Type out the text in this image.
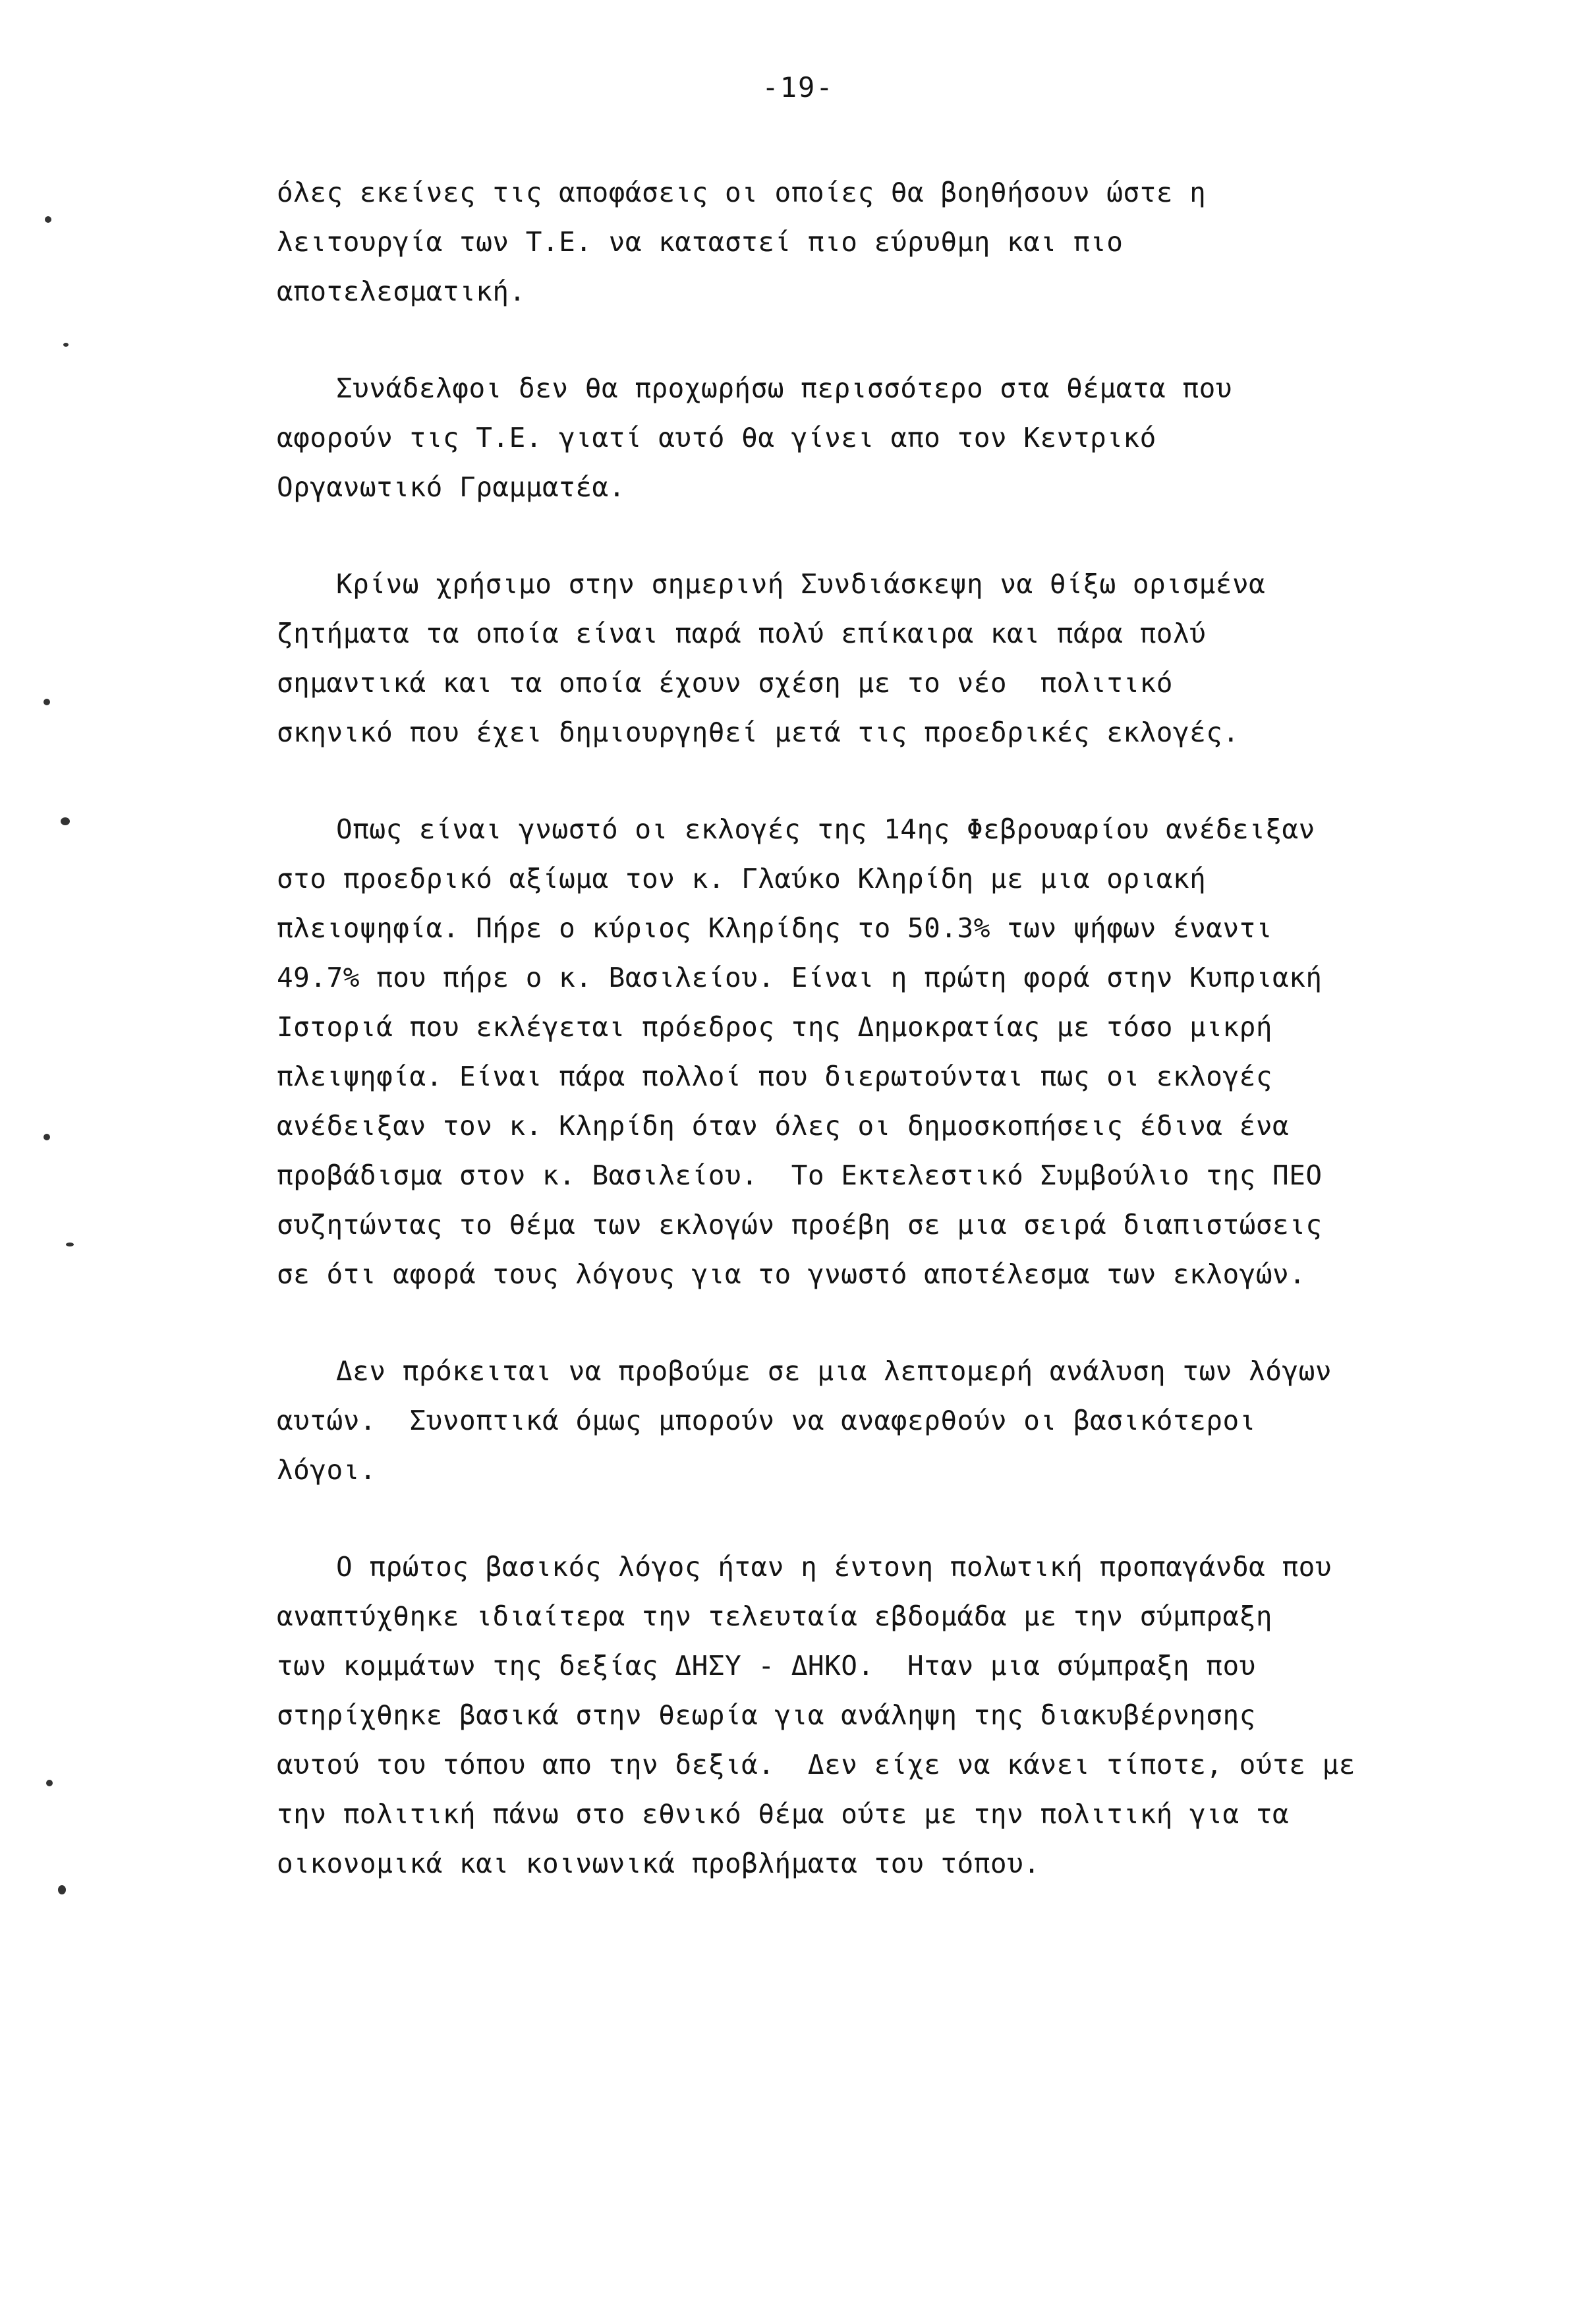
-19-
όλες εκείνες τις αποφάσεις οι οποίες θα βοηθήσουν ώστε η
λειτουργία των Τ.Ε. να καταστεί πιο εύρυθμη και πιο
αποτελεσματική.
Συνάδελφοι δεν θα προχωρήσω περισσότερο στα θέματα που
αφορούν τις Τ.Ε. γιατί αυτό θα γίνει απο τον Κεντρικό
Οργανωτικό Γραμματέα.
Κρίνω χρήσιμο στην σημερινή Συνδιάσκεψη να θίξω ορισμένα
ζητήματα τα οποία είναι παρά πολύ επίκαιρα και πάρα πολύ
σημαντικά και τα οποία έχουν σχέση με το νέο  πολιτικό
σκηνικό που έχει δημιουργηθεί μετά τις προεδρικές εκλογές.
Οπως είναι γνωστό οι εκλογές της 14ης Φεβρουαρίου ανέδειξαν
στο προεδρικό αξίωμα τον κ. Γλαύκο Κληρίδη με μια οριακή
πλειοψηφία. Πήρε ο κύριος Κληρίδης το 50.3% των ψήφων έναντι
49.7% που πήρε ο κ. Βασιλείου. Είναι η πρώτη φορά στην Κυπριακή
Ιστοριά που εκλέγεται πρόεδρος της Δημοκρατίας με τόσο μικρή
πλειψηφία. Είναι πάρα πολλοί που διερωτούνται πως οι εκλογές
ανέδειξαν τον κ. Κληρίδη όταν όλες οι δημοσκοπήσεις έδινα ένα
προβάδισμα στον κ. Βασιλείου.  Το Εκτελεστικό Συμβούλιο της ΠΕΟ
συζητώντας το θέμα των εκλογών προέβη σε μια σειρά διαπιστώσεις
σε ότι αφορά τους λόγους για το γνωστό αποτέλεσμα των εκλογών.
Δεν πρόκειται να προβούμε σε μια λεπτομερή ανάλυση των λόγων
αυτών.  Συνοπτικά όμως μπορούν να αναφερθούν οι βασικότεροι
λόγοι.
Ο πρώτος βασικός λόγος ήταν η έντονη πολωτική προπαγάνδα που
αναπτύχθηκε ιδιαίτερα την τελευταία εβδομάδα με την σύμπραξη
των κομμάτων της δεξίας ΔΗΣΥ - ΔΗΚΟ.  Ηταν μια σύμπραξη που
στηρίχθηκε βασικά στην θεωρία για ανάληψη της διακυβέρνησης
αυτού του τόπου απο την δεξιά.  Δεν είχε να κάνει τίποτε, ούτε με
την πολιτική πάνω στο εθνικό θέμα ούτε με την πολιτική για τα
οικονομικά και κοινωνικά προβλήματα του τόπου.
